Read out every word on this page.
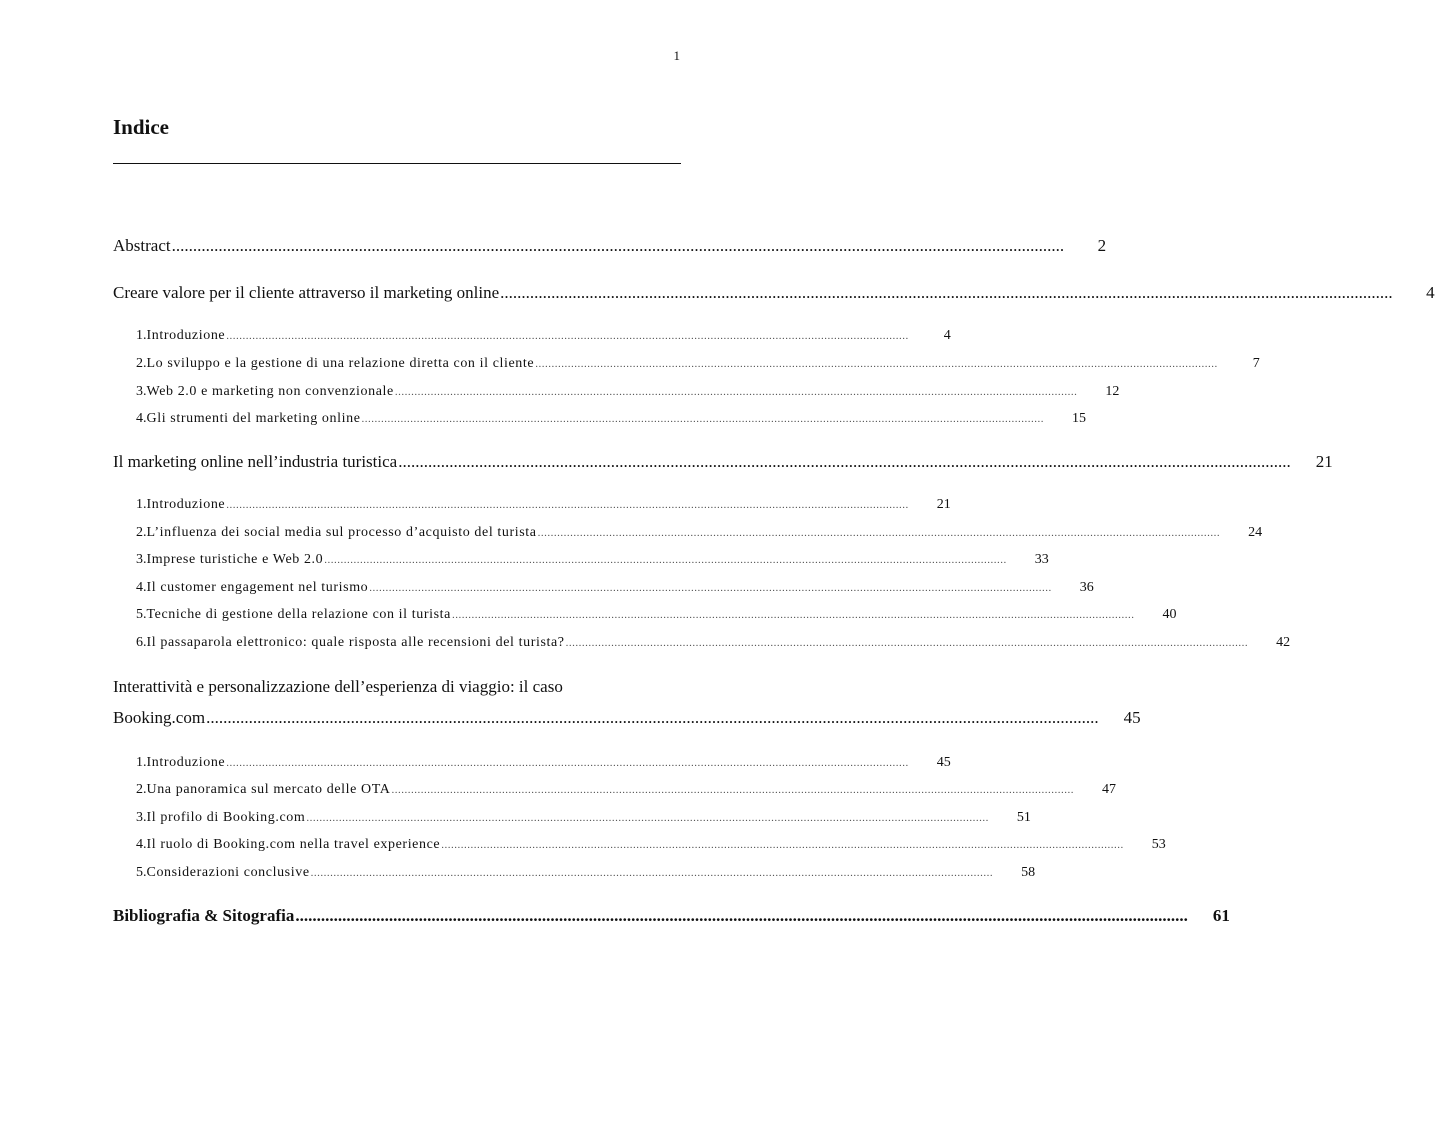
1
Indice
Abstract ..................................................................................................................................................................................................................	2
Creare valore per il cliente attraverso il marketing online ..................................................................................................................................................................................................................	4
1. Introduzione ..................................................................................................................................................................................................................	4
2. Lo sviluppo e la gestione di una relazione diretta con il cliente ..................................................................................................................................................................................................................	7
3. Web 2.0 e marketing non convenzionale ..................................................................................................................................................................................................................	12
4. Gli strumenti del marketing online ..................................................................................................................................................................................................................	15
Il marketing online nell’industria turistica .................................................................................................................................................................................................................. 21
1. Introduzione ..................................................................................................................................................................................................................	21
2. L’influenza dei social media sul processo d’acquisto del turista ..................................................................................................................................................................................................................	24
3. Imprese turistiche e Web 2.0 ..................................................................................................................................................................................................................	33
4. Il customer engagement nel turismo ..................................................................................................................................................................................................................	36
5. Tecniche di gestione della relazione con il turista ..................................................................................................................................................................................................................	40
6. Il passaparola elettronico: quale risposta alle recensioni del turista? ..................................................................................................................................................................................................................	42
Interattività e personalizzazione dell’esperienza di viaggio: il caso
Booking.com .................................................................................................................................................................................................................. 45
1. Introduzione ..................................................................................................................................................................................................................	45
2. Una panoramica sul mercato delle OTA ..................................................................................................................................................................................................................	47
3. Il profilo di Booking.com ..................................................................................................................................................................................................................	51
4. Il ruolo di Booking.com nella travel experience ..................................................................................................................................................................................................................	53
5. Considerazioni conclusive ..................................................................................................................................................................................................................	58
Bibliografia & Sitografia .................................................................................................................................................................................................................. 61
